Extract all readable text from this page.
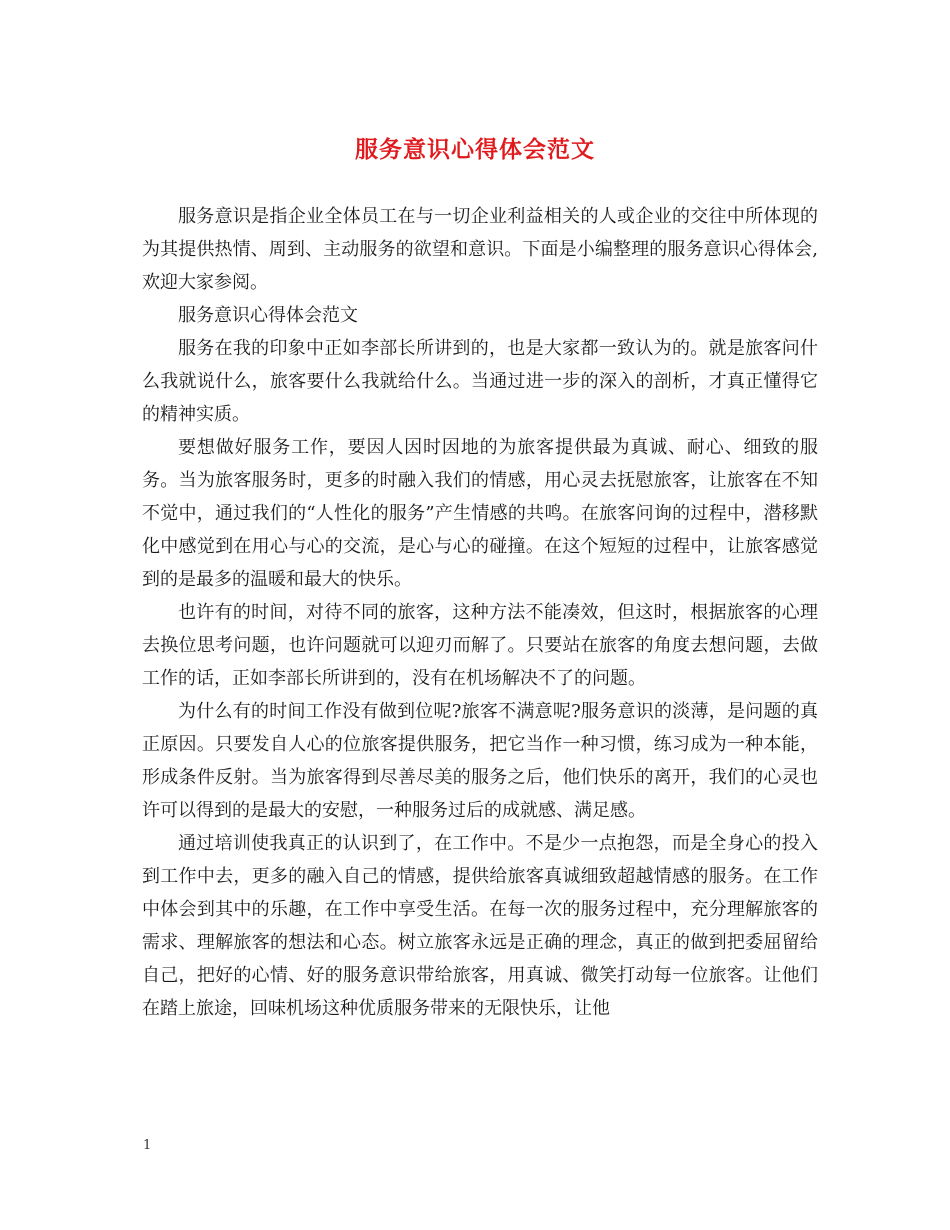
服务意识心得体会范文

服务意识是指企业全体员工在与一切企业利益相关的人或企业的交往中所体现的为其提供热情、周到、主动服务的欲望和意识。下面是小编整理的服务意识心得体会,欢迎大家参阅。

服务意识心得体会范文

服务在我的印象中正如李部长所讲到的，也是大家都一致认为的。就是旅客问什么我就说什么，旅客要什么我就给什么。当通过进一步的深入的剖析，才真正懂得它的精神实质。

要想做好服务工作，要因人因时因地的为旅客提供最为真诚、耐心、细致的服务。当为旅客服务时，更多的时融入我们的情感，用心灵去抚慰旅客，让旅客在不知不觉中，通过我们的“人性化的服务”产生情感的共鸣。在旅客问询的过程中，潜移默化中感觉到在用心与心的交流，是心与心的碰撞。在这个短短的过程中，让旅客感觉到的是最多的温暖和最大的快乐。

也许有的时间，对待不同的旅客，这种方法不能凑效，但这时，根据旅客的心理去换位思考问题，也许问题就可以迎刃而解了。只要站在旅客的角度去想问题，去做工作的话，正如李部长所讲到的，没有在机场解决不了的问题。

为什么有的时间工作没有做到位呢?旅客不满意呢?服务意识的淡薄，是问题的真正原因。只要发自人心的位旅客提供服务，把它当作一种习惯，练习成为一种本能，形成条件反射。当为旅客得到尽善尽美的服务之后，他们快乐的离开，我们的心灵也许可以得到的是最大的安慰，一种服务过后的成就感、满足感。

通过培训使我真正的认识到了，在工作中。不是少一点抱怨，而是全身心的投入到工作中去，更多的融入自己的情感，提供给旅客真诚细致超越情感的服务。在工作中体会到其中的乐趣，在工作中享受生活。在每一次的服务过程中，充分理解旅客的需求、理解旅客的想法和心态。树立旅客永远是正确的理念，真正的做到把委屈留给自己，把好的心情、好的服务意识带给旅客，用真诚、微笑打动每一位旅客。让他们在踏上旅途，回味机场这种优质服务带来的无限快乐，让他

1
